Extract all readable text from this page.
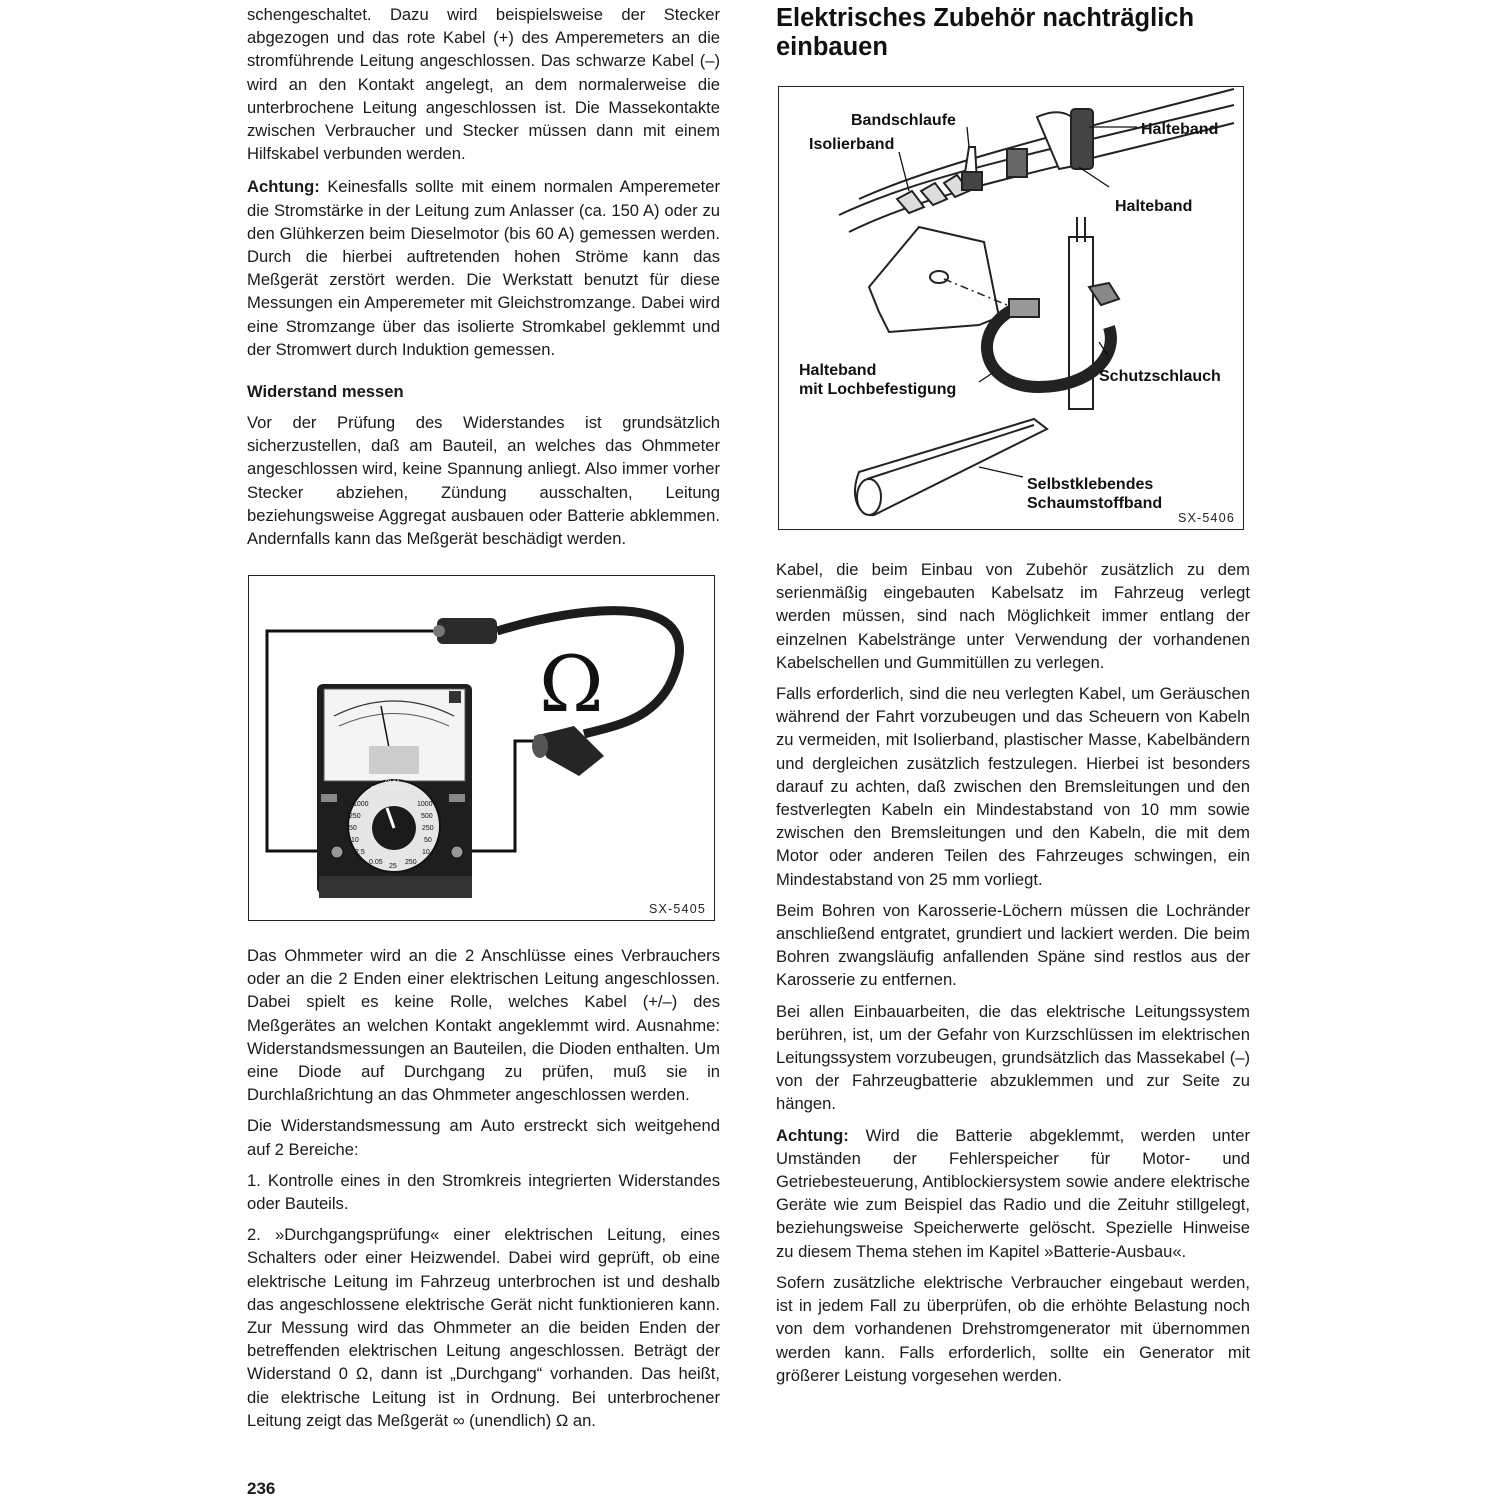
schengeschaltet. Dazu wird beispielsweise der Stecker abgezogen und das rote Kabel (+) des Amperemeters an die stromführende Leitung angeschlossen. Das schwarze Kabel (–) wird an den Kontakt angelegt, an dem normalerweise die unterbrochene Leitung angeschlossen ist. Die Massekontakte zwischen Verbraucher und Stecker müssen dann mit einem Hilfskabel verbunden werden.

Achtung: Keinesfalls sollte mit einem normalen Amperemeter die Stromstärke in der Leitung zum Anlasser (ca. 150 A) oder zu den Glühkerzen beim Dieselmotor (bis 60 A) gemessen werden. Durch die hierbei auftretenden hohen Ströme kann das Meßgerät zerstört werden. Die Werkstatt benutzt für diese Messungen ein Amperemeter mit Gleichstromzange. Dabei wird eine Stromzange über das isolierte Stromkabel geklemmt und der Stromwert durch Induktion gemessen.

Widerstand messen

Vor der Prüfung des Widerstandes ist grundsätzlich sicherzustellen, daß am Bauteil, an welches das Ohmmeter angeschlossen wird, keine Spannung anliegt. Also immer vorher Stecker abziehen, Zündung ausschalten, Leitung beziehungsweise Aggregat ausbauen oder Batterie abklemmen. Andernfalls kann das Meßgerät beschädigt werden.

Ω
REICHWEIK
OHM
1000
250
50
10
2.5
1000
500
250
50
10
0.05
25
250
SX-5405

Das Ohmmeter wird an die 2 Anschlüsse eines Verbrauchers oder an die 2 Enden einer elektrischen Leitung angeschlossen. Dabei spielt es keine Rolle, welches Kabel (+/–) des Meßgerätes an welchen Kontakt angeklemmt wird. Ausnahme: Widerstandsmessungen an Bauteilen, die Dioden enthalten. Um eine Diode auf Durchgang zu prüfen, muß sie in Durchlaßrichtung an das Ohmmeter angeschlossen werden.

Die Widerstandsmessung am Auto erstreckt sich weitgehend auf 2 Bereiche:

1. Kontrolle eines in den Stromkreis integrierten Widerstandes oder Bauteils.

2. »Durchgangsprüfung« einer elektrischen Leitung, eines Schalters oder einer Heizwendel. Dabei wird geprüft, ob eine elektrische Leitung im Fahrzeug unterbrochen ist und deshalb das angeschlossene elektrische Gerät nicht funktionieren kann. Zur Messung wird das Ohmmeter an die beiden Enden der betreffenden elektrischen Leitung angeschlossen. Beträgt der Widerstand 0 Ω, dann ist „Durchgang“ vorhanden. Das heißt, die elektrische Leitung ist in Ordnung. Bei unterbrochener Leitung zeigt das Meßgerät ∞ (unendlich) Ω an.

Elektrisches Zubehör nachträglich einbauen
Bandschlaufe
Isolierband
Halteband
Halteband
Halteband
mit Lochbefestigung
Schutzschlauch
Selbstklebendes
Schaumstoffband
SX-5406

Kabel, die beim Einbau von Zubehör zusätzlich zu dem serienmäßig eingebauten Kabelsatz im Fahrzeug verlegt werden müssen, sind nach Möglichkeit immer entlang der einzelnen Kabelstränge unter Verwendung der vorhandenen Kabelschellen und Gummitüllen zu verlegen.

Falls erforderlich, sind die neu verlegten Kabel, um Geräuschen während der Fahrt vorzubeugen und das Scheuern von Kabeln zu vermeiden, mit Isolierband, plastischer Masse, Kabelbändern und dergleichen zusätzlich festzulegen. Hierbei ist besonders darauf zu achten, daß zwischen den Bremsleitungen und den festverlegten Kabeln ein Mindestabstand von 10 mm sowie zwischen den Bremsleitungen und den Kabeln, die mit dem Motor oder anderen Teilen des Fahrzeuges schwingen, ein Mindestabstand von 25 mm vorliegt.

Beim Bohren von Karosserie-Löchern müssen die Lochränder anschließend entgratet, grundiert und lackiert werden. Die beim Bohren zwangsläufig anfallenden Späne sind restlos aus der Karosserie zu entfernen.

Bei allen Einbauarbeiten, die das elektrische Leitungssystem berühren, ist, um der Gefahr von Kurzschlüssen im elektrischen Leitungssystem vorzubeugen, grundsätzlich das Massekabel (–) von der Fahrzeugbatterie abzuklemmen und zur Seite zu hängen.

Achtung: Wird die Batterie abgeklemmt, werden unter Umständen der Fehlerspeicher für Motor- und Getriebesteuerung, Antiblockiersystem sowie andere elektrische Geräte wie zum Beispiel das Radio und die Zeituhr stillgelegt, beziehungsweise Speicherwerte gelöscht. Spezielle Hinweise zu diesem Thema stehen im Kapitel »Batterie-Ausbau«.

Sofern zusätzliche elektrische Verbraucher eingebaut werden, ist in jedem Fall zu überprüfen, ob die erhöhte Belastung noch von dem vorhandenen Drehstromgenerator mit übernommen werden kann. Falls erforderlich, sollte ein Generator mit größerer Leistung vorgesehen werden.

236
